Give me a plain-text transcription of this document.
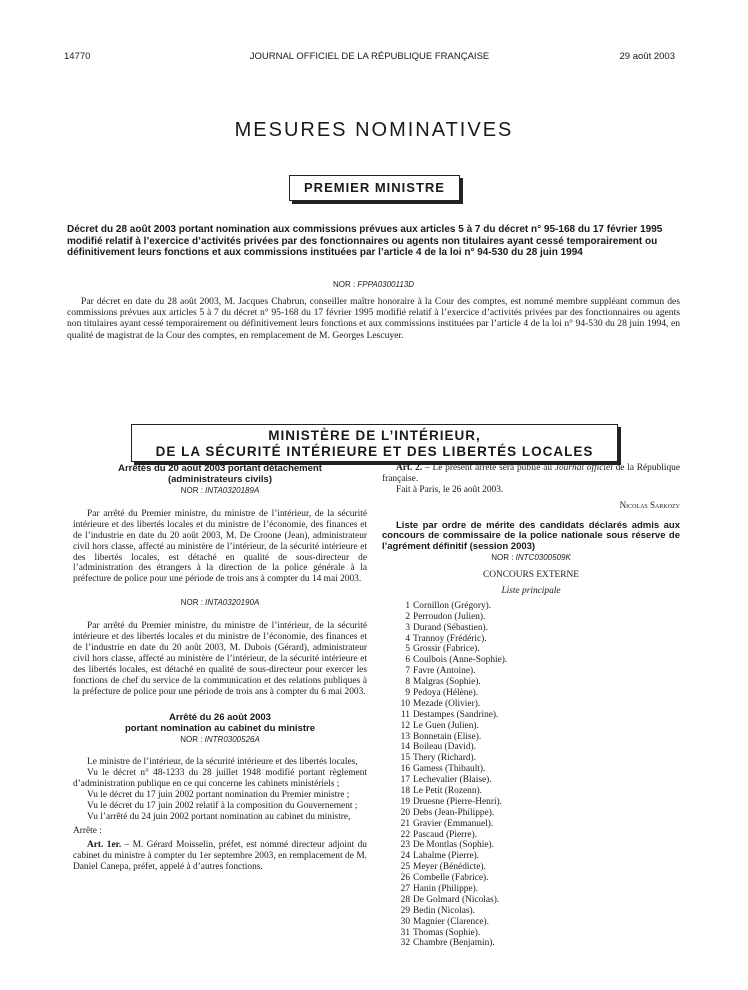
14770	JOURNAL OFFICIEL DE LA RÉPUBLIQUE FRANÇAISE	29 août 2003
MESURES NOMINATIVES
PREMIER MINISTRE
Décret du 28 août 2003 portant nomination aux commissions prévues aux articles 5 à 7 du décret n° 95-168 du 17 février 1995 modifié relatif à l’exercice d’activités privées par des fonctionnaires ou agents non titulaires ayant cessé temporairement ou définitivement leurs fonctions et aux commissions instituées par l’article 4 de la loi n° 94-530 du 28 juin 1994
NOR : FPPA0300113D

Par décret en date du 28 août 2003, M. Jacques Chabrun, conseiller maître honoraire à la Cour des comptes, est nommé membre suppléant commun des commissions prévues aux articles 5 à 7 du décret n° 95-168 du 17 février 1995 modifié relatif à l’exercice d’activités privées par des fonctionnaires ou agents non titulaires ayant cessé temporairement ou définitivement leurs fonctions et aux commissions instituées par l’article 4 de la loi n° 94-530 du 28 juin 1994, en qualité de magistrat de la Cour des comptes, en remplacement de M. Georges Lescuyer.

MINISTÈRE DE L’INTÉRIEUR,
DE LA SÉCURITÉ INTÉRIEURE ET DES LIBERTÉS LOCALES
Arrêtés du 20 août 2003 portant détachement
(administrateurs civils)
NOR : INTA0320189A

Par arrêté du Premier ministre, du ministre de l’intérieur, de la sécurité intérieure et des libertés locales et du ministre de l’économie, des finances et de l’industrie en date du 20 août 2003, M. De Croone (Jean), administrateur civil hors classe, affecté au ministère de l’intérieur, de la sécurité intérieure et des libertés locales, est détaché en qualité de sous-directeur de l’administration des étrangers à la direction de la police générale à la préfecture de police pour une période de trois ans à compter du 14 mai 2003.

NOR : INTA0320190A

Par arrêté du Premier ministre, du ministre de l’intérieur, de la sécurité intérieure et des libertés locales et du ministre de l’économie, des finances et de l’industrie en date du 20 août 2003, M. Dubois (Gérard), administrateur civil hors classe, affecté au ministère de l’intérieur, de la sécurité intérieure et des libertés locales, est détaché en qualité de sous-directeur pour exercer les fonctions de chef du service de la communication et des relations publiques à la préfecture de police pour une période de trois ans à compter du 6 mai 2003.

Arrêté du 26 août 2003
portant nomination au cabinet du ministre
NOR : INTR0300526A

Le ministre de l’intérieur, de la sécurité intérieure et des libertés locales,

Vu le décret n° 48-1233 du 28 juillet 1948 modifié portant règlement d’administration publique en ce qui concerne les cabinets ministériels ;

Vu le décret du 17 juin 2002 portant nomination du Premier ministre ;

Vu le décret du 17 juin 2002 relatif à la composition du Gouvernement ;

Vu l’arrêté du 24 juin 2002 portant nomination au cabinet du ministre,

Arrête :

Art. 1er. – M. Gérard Moisselin, préfet, est nommé directeur adjoint du cabinet du ministre à compter du 1er septembre 2003, en remplacement de M. Daniel Canepa, préfet, appelé à d’autres fonctions.

Art. 2. – Le présent arrêté sera publié au Journal officiel de la République française.

Fait à Paris, le 26 août 2003.

Nicolas Sarkozy

Liste par ordre de mérite des candidats déclarés admis aux concours de commissaire de la police nationale sous réserve de l’agrément définitif (session 2003)

NOR : INTC0300509K
CONCOURS EXTERNE
Liste principale
1 Cornillon (Grégory).
2 Perroudon (Julien).
3 Durand (Sébastien).
4 Trannoy (Frédéric).
5 Grossir (Fabrice).
6 Coulbois (Anne-Sophie).
7 Favre (Antoine).
8 Malgras (Sophie).
9 Pedoya (Hélène).
10 Mezade (Olivier).
11 Destampes (Sandrine).
12 Le Guen (Julien).
13 Bonnetain (Elise).
14 Boileau (David).
15 Thery (Richard).
16 Gamess (Thibault).
17 Lechevalier (Blaise).
18 Le Petit (Rozenn).
19 Druesne (Pierre-Henri).
20 Debs (Jean-Philippe).
21 Gravier (Emmanuel).
22 Pascaud (Pierre).
23 De Montlas (Sophie).
24 Labalme (Pierre).
25 Meyer (Bénédicte).
26 Combelle (Fabrice).
27 Hanin (Philippe).
28 De Golmard (Nicolas).
29 Bedin (Nicolas).
30 Magnier (Clarence).
31 Thomas (Sophie).
32 Chambre (Benjamin).
